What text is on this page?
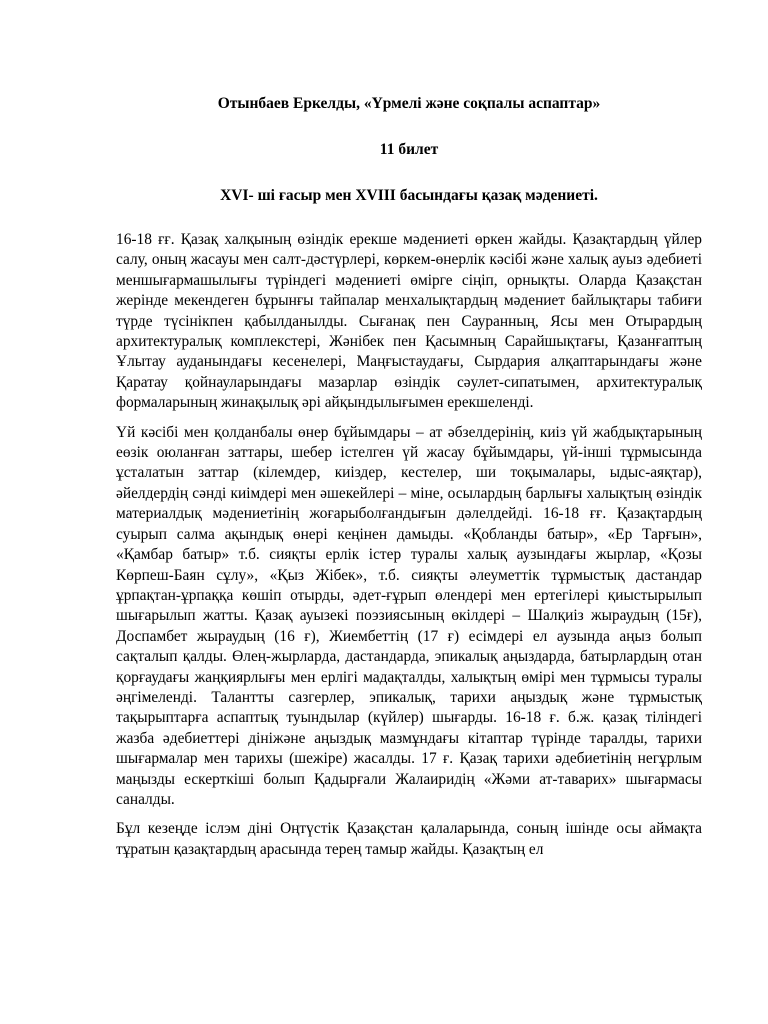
Отынбаев Еркелды, «Үрмелі және соқпалы аспаптар»

11 билет

XVI- шi ғасыр мен XVIII басындағы қазақ мәдениеті.

16-18 ғғ. Қазақ халқының өзіндік ерекше мәдениеті өркен жайды. Қазақтардың үйлер салу, оның жасауы мен салт-дәстүрлері, көркем-өнерлік кәсібі және халық ауыз әдебиеті меншығармашылығы түріндегі мәдениеті өмірге сіңіп, орнықты. Оларда Қазақстан жерінде мекендеген бұрынғы тайпалар менхалықтардың мәдениет байлықтары табиғи түрде түсінікпен қабылданылды. Сығанақ пен Сауранның, Ясы мен Отырардың архитектуралық комплекстері, Жәнібек пен Қасымның Сарайшықтағы, Қазанғаптың Ұлытау ауданындағы кесенелері, Маңғыстаудағы, Сырдария алқаптарындағы және Қаратау қойнауларындағы мазарлар өзіндік сәулет-сипатымен, архитектуралық формаларының жинақылық әрі айқындылығымен ерекшеленді.

Үй кәсібі мен қолданбалы өнер бұйымдары – ат әбзелдерінің, киіз үй жабдықтарының еөзік оюланған заттары, шебер істелген үй жасау бұйымдары, үй-інші тұрмысында ұсталатын заттар (кілемдер, киіздер, кестелер, ши тоқымалары, ыдыс-аяқтар), әйелдердің сәнді киімдері мен әшекейлері – міне, осылардың барлығы халықтың өзіндік материалдық мәдениетінің жоғарыболғандығын дәлелдейді. 16-18 ғғ. Қазақтардың суырып салма ақындық өнері кеңінен дамыды. «Қобланды батыр», «Ер Тарғын», «Қамбар батыр» т.б. сияқты ерлік істер туралы халық аузындағы жырлар, «Қозы Көрпеш-Баян сұлу», «Қыз Жібек», т.б. сияқты әлеуметтік тұрмыстық дастандар ұрпақтан-ұрпаққа көшіп отырды, әдет-ғұрып өлендері мен ертегілері қиыстырылып шығарылып жатты. Қазақ ауызекі поэзиясының өкілдері – Шалқиіз жыраудың (15ғ), Доспамбет жыраудың (16 ғ), Жиембеттің (17 ғ) есімдері ел аузында аңыз болып сақталып қалды. Өлең-жырларда, дастандарда, эпикалық аңыздарда, батырлардың отан қорғаудағы жаңқиярлығы мен ерлігі мадақталды, халықтың өмірі мен тұрмысы туралы әңгімеленді. Талантты сазгерлер, эпикалық, тарихи аңыздық және тұрмыстық тақырыптарға аспаптық туындылар (күйлер) шығарды. 16-18 ғ. б.ж. қазақ тіліндегі жазба әдебиеттері дініжәне аңыздық мазмұндағы кітаптар түрінде таралды, тарихи шығармалар мен тарихы (шежіре) жасалды. 17 ғ. Қазақ тарихи әдебиетінің негұрлым маңызды ескерткіші болып Қадырғали Жалаиридің «Жәми ат-таварих» шығармасы саналды.

Бұл кезеңде іслэм діні Оңтүстік Қазақстан қалаларында, соның ішінде осы аймақта тұратын қазақтардың арасында терең тамыр жайды. Қазақтың ел
